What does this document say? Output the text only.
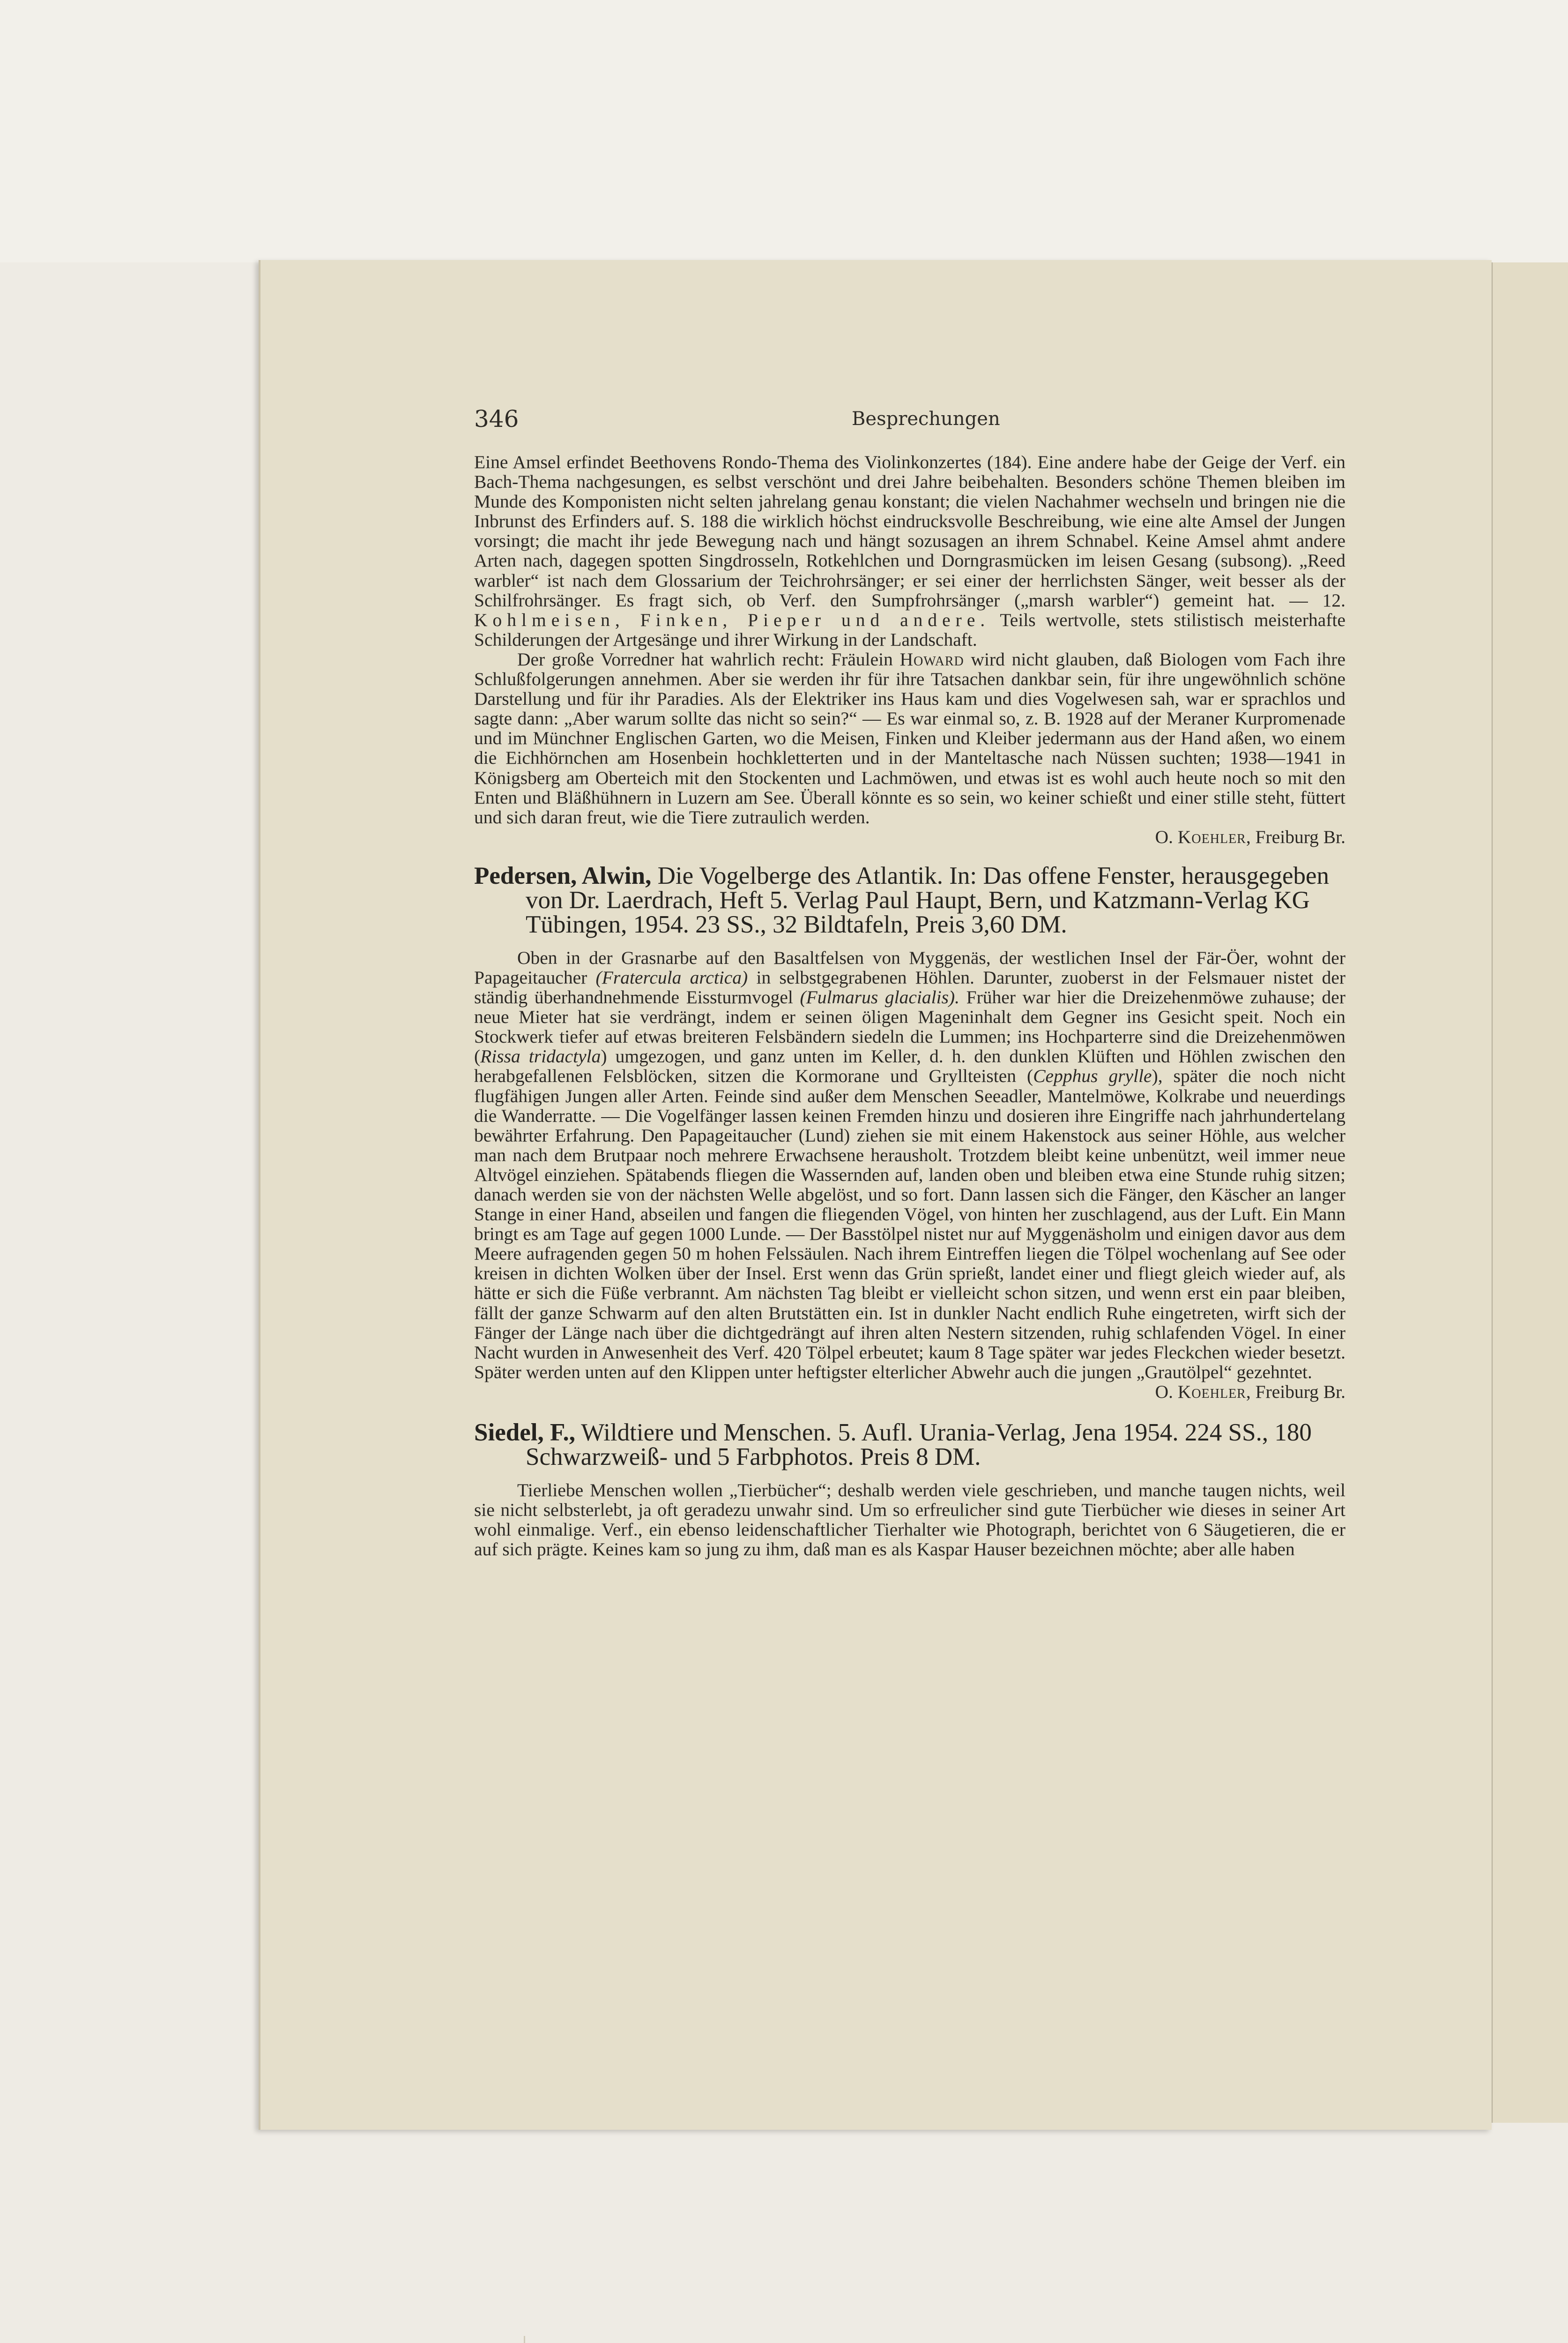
346	Besprechungen

Eine Amsel erfindet Beethovens Rondo-Thema des Violinkonzertes (184). Eine andere habe der Geige der Verf. ein Bach-Thema nachgesungen, es selbst verschönt und drei Jahre beibehalten. Besonders schöne Themen bleiben im Munde des Komponisten nicht selten jahrelang genau konstant; die vielen Nachahmer wechseln und bringen nie die Inbrunst des Erfinders auf. S. 188 die wirklich höchst eindrucksvolle Beschreibung, wie eine alte Amsel der Jungen vorsingt; die macht ihr jede Bewegung nach und hängt sozusagen an ihrem Schnabel. Keine Amsel ahmt andere Arten nach, dagegen spotten Singdrosseln, Rotkehlchen und Dorngrasmücken im leisen Gesang (subsong). „Reed warbler“ ist nach dem Glossarium der Teichrohrsänger; er sei einer der herrlichsten Sänger, weit besser als der Schilfrohrsänger. Es fragt sich, ob Verf. den Sumpfrohrsänger („marsh warbler“) gemeint hat. — 12. Kohlmeisen, Finken, Pieper und andere. Teils wertvolle, stets stilistisch meisterhafte Schilderungen der Artgesänge und ihrer Wirkung in der Landschaft.

Der große Vorredner hat wahrlich recht: Fräulein Howard wird nicht glauben, daß Biologen vom Fach ihre Schlußfolgerungen annehmen. Aber sie werden ihr für ihre Tatsachen dankbar sein, für ihre ungewöhnlich schöne Darstellung und für ihr Paradies. Als der Elektriker ins Haus kam und dies Vogelwesen sah, war er sprachlos und sagte dann: „Aber warum sollte das nicht so sein?“ — Es war einmal so, z. B. 1928 auf der Meraner Kurpromenade und im Münchner Englischen Garten, wo die Meisen, Finken und Kleiber jedermann aus der Hand aßen, wo einem die Eichhörnchen am Hosenbein hochkletterten und in der Manteltasche nach Nüssen suchten; 1938—1941 in Königsberg am Oberteich mit den Stockenten und Lachmöwen, und etwas ist es wohl auch heute noch so mit den Enten und Bläßhühnern in Luzern am See. Überall könnte es so sein, wo keiner schießt und einer stille steht, füttert und sich daran freut, wie die Tiere zutraulich werden.

O. Koehler, Freiburg Br.

Pedersen, Alwin, Die Vogelberge des Atlantik. In: Das offene Fenster, herausgegeben von Dr. Laerdrach, Heft 5. Verlag Paul Haupt, Bern, und Katzmann-Verlag KG Tübingen, 1954. 23 SS., 32 Bildtafeln, Preis 3,60 DM.

Oben in der Grasnarbe auf den Basaltfelsen von Myggenäs, der westlichen Insel der Fär-Öer, wohnt der Papageitaucher (Fratercula arctica) in selbstgegrabenen Höhlen. Darunter, zuoberst in der Felsmauer nistet der ständig überhandnehmende Eissturmvogel (Fulmarus glacialis). Früher war hier die Dreizehenmöwe zuhause; der neue Mieter hat sie verdrängt, indem er seinen öligen Mageninhalt dem Gegner ins Gesicht speit. Noch ein Stockwerk tiefer auf etwas breiteren Felsbändern siedeln die Lummen; ins Hochparterre sind die Dreizehenmöwen (Rissa tridactyla) umgezogen, und ganz unten im Keller, d. h. den dunklen Klüften und Höhlen zwischen den herabgefallenen Felsblöcken, sitzen die Kormorane und Gryllteisten (Cepphus grylle), später die noch nicht flugfähigen Jungen aller Arten. Feinde sind außer dem Menschen Seeadler, Mantelmöwe, Kolkrabe und neuerdings die Wanderratte. — Die Vogelfänger lassen keinen Fremden hinzu und dosieren ihre Eingriffe nach jahrhundertelang bewährter Erfahrung. Den Papageitaucher (Lund) ziehen sie mit einem Hakenstock aus seiner Höhle, aus welcher man nach dem Brutpaar noch mehrere Erwachsene herausholt. Trotzdem bleibt keine unbenützt, weil immer neue Altvögel einziehen. Spätabends fliegen die Wassernden auf, landen oben und bleiben etwa eine Stunde ruhig sitzen; danach werden sie von der nächsten Welle abgelöst, und so fort. Dann lassen sich die Fänger, den Käscher an langer Stange in einer Hand, abseilen und fangen die fliegenden Vögel, von hinten her zuschlagend, aus der Luft. Ein Mann bringt es am Tage auf gegen 1000 Lunde. — Der Basstölpel nistet nur auf Myggenäsholm und einigen davor aus dem Meere aufragenden gegen 50 m hohen Felssäulen. Nach ihrem Eintreffen liegen die Tölpel wochenlang auf See oder kreisen in dichten Wolken über der Insel. Erst wenn das Grün sprießt, landet einer und fliegt gleich wieder auf, als hätte er sich die Füße verbrannt. Am nächsten Tag bleibt er vielleicht schon sitzen, und wenn erst ein paar bleiben, fällt der ganze Schwarm auf den alten Brutstätten ein. Ist in dunkler Nacht endlich Ruhe eingetreten, wirft sich der Fänger der Länge nach über die dichtgedrängt auf ihren alten Nestern sitzenden, ruhig schlafenden Vögel. In einer Nacht wurden in Anwesenheit des Verf. 420 Tölpel erbeutet; kaum 8 Tage später war jedes Fleckchen wieder besetzt. Später werden unten auf den Klippen unter heftigster elterlicher Abwehr auch die jungen „Grautölpel“ gezehntet.

O. Koehler, Freiburg Br.

Siedel, F., Wildtiere und Menschen. 5. Aufl. Urania-Verlag, Jena 1954. 224 SS., 180 Schwarzweiß- und 5 Farbphotos. Preis 8 DM.

Tierliebe Menschen wollen „Tierbücher“; deshalb werden viele geschrieben, und manche taugen nichts, weil sie nicht selbsterlebt, ja oft geradezu unwahr sind. Um so erfreulicher sind gute Tierbücher wie dieses in seiner Art wohl einmalige. Verf., ein ebenso leidenschaftlicher Tierhalter wie Photograph, berichtet von 6 Säugetieren, die er auf sich prägte. Keines kam so jung zu ihm, daß man es als Kaspar Hauser bezeichnen möchte; aber alle haben
